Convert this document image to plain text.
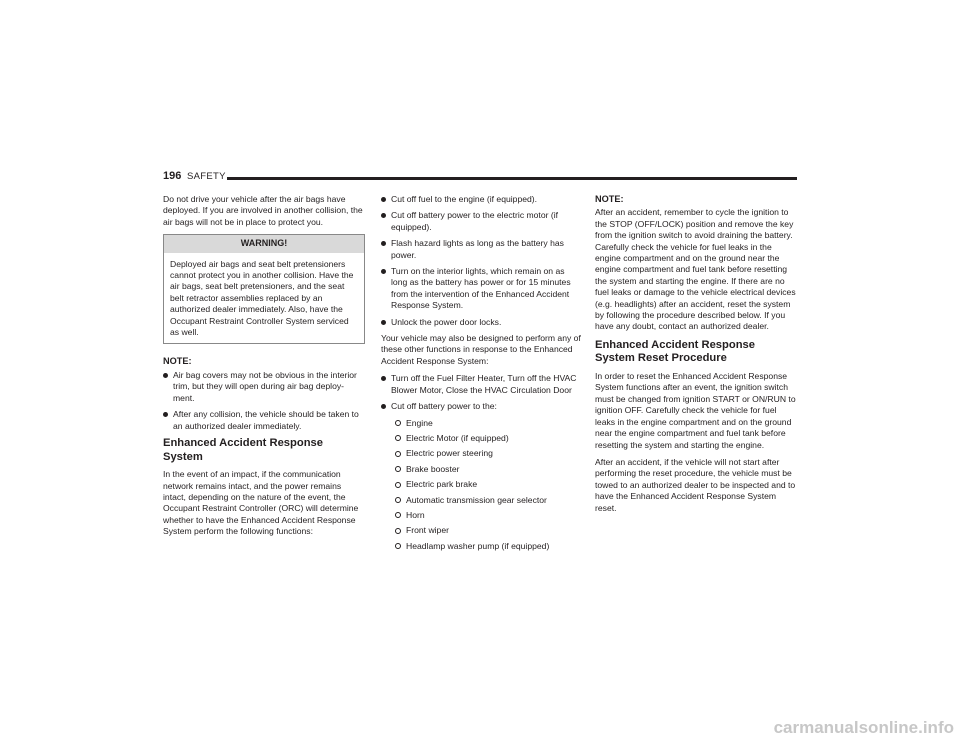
196 SAFETY

Do not drive your vehicle after the air bags have deployed. If you are involved in another collision, the air bags will not be in place to protect you.

WARNING!
Deployed air bags and seat belt pretensioners cannot protect you in another collision. Have the air bags, seat belt pretensioners, and the seat belt retractor assemblies replaced by an authorized dealer immediately. Also, have the Occupant Restraint Controller System serviced as well.
NOTE:
Air bag covers may not be obvious in the interior trim, but they will open during air bag deploy-ment.
After any collision, the vehicle should be taken to an authorized dealer immediately.
Enhanced Accident Response System

In the event of an impact, if the communication network remains intact, and the power remains intact, depending on the nature of the event, the Occupant Restraint Controller (ORC) will determine whether to have the Enhanced Accident Response System perform the following functions:

Cut off fuel to the engine (if equipped).
Cut off battery power to the electric motor (if equipped).
Flash hazard lights as long as the battery has power.
Turn on the interior lights, which remain on as long as the battery has power or for 15 minutes from the intervention of the Enhanced Accident Response System.
Unlock the power door locks.

Your vehicle may also be designed to perform any of these other functions in response to the Enhanced Accident Response System:

Turn off the Fuel Filter Heater, Turn off the HVAC Blower Motor, Close the HVAC Circulation Door
Cut off battery power to the:
Engine
Electric Motor (if equipped)
Electric power steering
Brake booster
Electric park brake
Automatic transmission gear selector
Horn
Front wiper
Headlamp washer pump (if equipped)
NOTE:

After an accident, remember to cycle the ignition to the STOP (OFF/LOCK) position and remove the key from the ignition switch to avoid draining the battery. Carefully check the vehicle for fuel leaks in the engine compartment and on the ground near the engine compartment and fuel tank before resetting the system and starting the engine. If there are no fuel leaks or damage to the vehicle electrical devices (e.g. headlights) after an accident, reset the system by following the procedure described below. If you have any doubt, contact an authorized dealer.

Enhanced Accident Response System Reset Procedure

In order to reset the Enhanced Accident Response System functions after an event, the ignition switch must be changed from ignition START or ON/RUN to ignition OFF. Carefully check the vehicle for fuel leaks in the engine compartment and on the ground near the engine compartment and fuel tank before resetting the system and starting the engine.

After an accident, if the vehicle will not start after performing the reset procedure, the vehicle must be towed to an authorized dealer to be inspected and to have the Enhanced Accident Response System reset.

carmanualsonline.info
